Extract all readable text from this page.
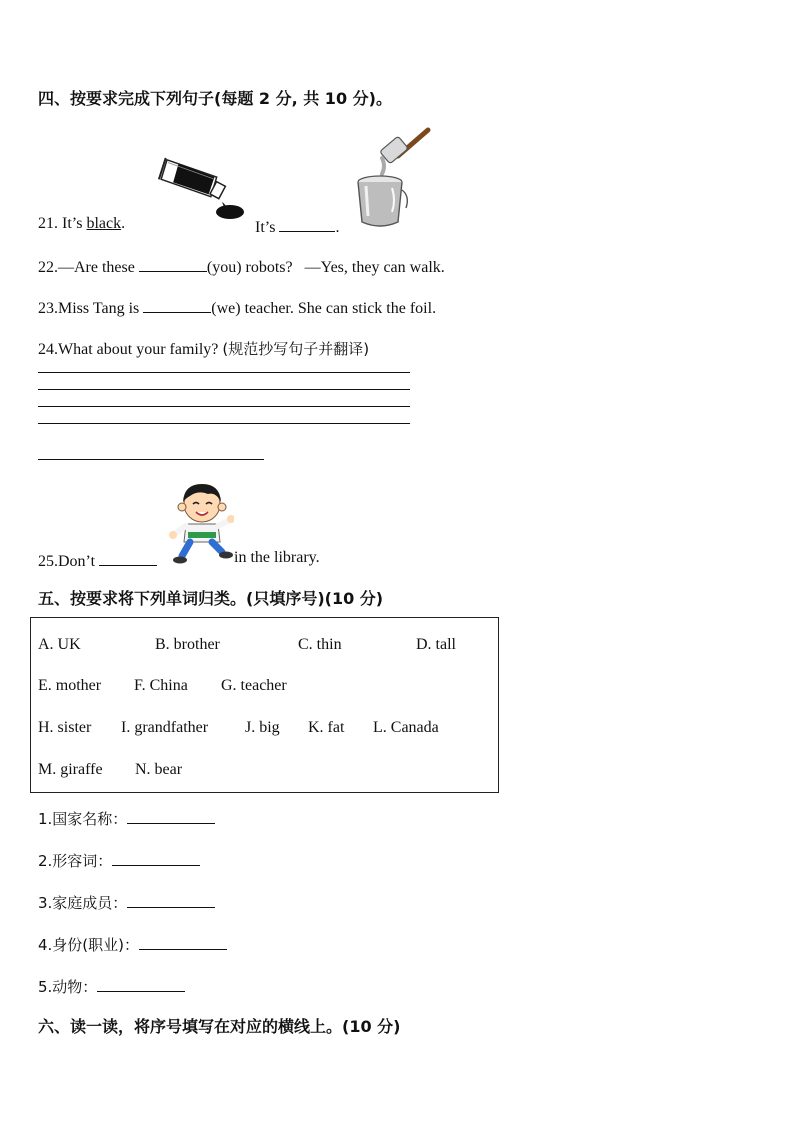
四、按要求完成下列句子(每题 2 分, 共 10 分)。
21. It’s black.	It’s	.
22.—Are these	(you) robots? —Yes, they can walk.
23.Miss Tang is	(we) teacher. She can stick the foil.
24.What about your family? (规范抄写句子并翻译)
25.Don’t	in the library.
五、按要求将下列单词归类。(只填序号)(10 分)
A. UK	B. brother	C. thin	D. tall
E. mother F. China G. teacher
H. sister I. grandfather J. big K. fat L. Canada
M. giraffe N. bear
1.国家名称：
2.形容词：
3.家庭成员：
4.身份(职业)：
5.动物：
六、读一读，将序号填写在对应的横线上。(10 分)
